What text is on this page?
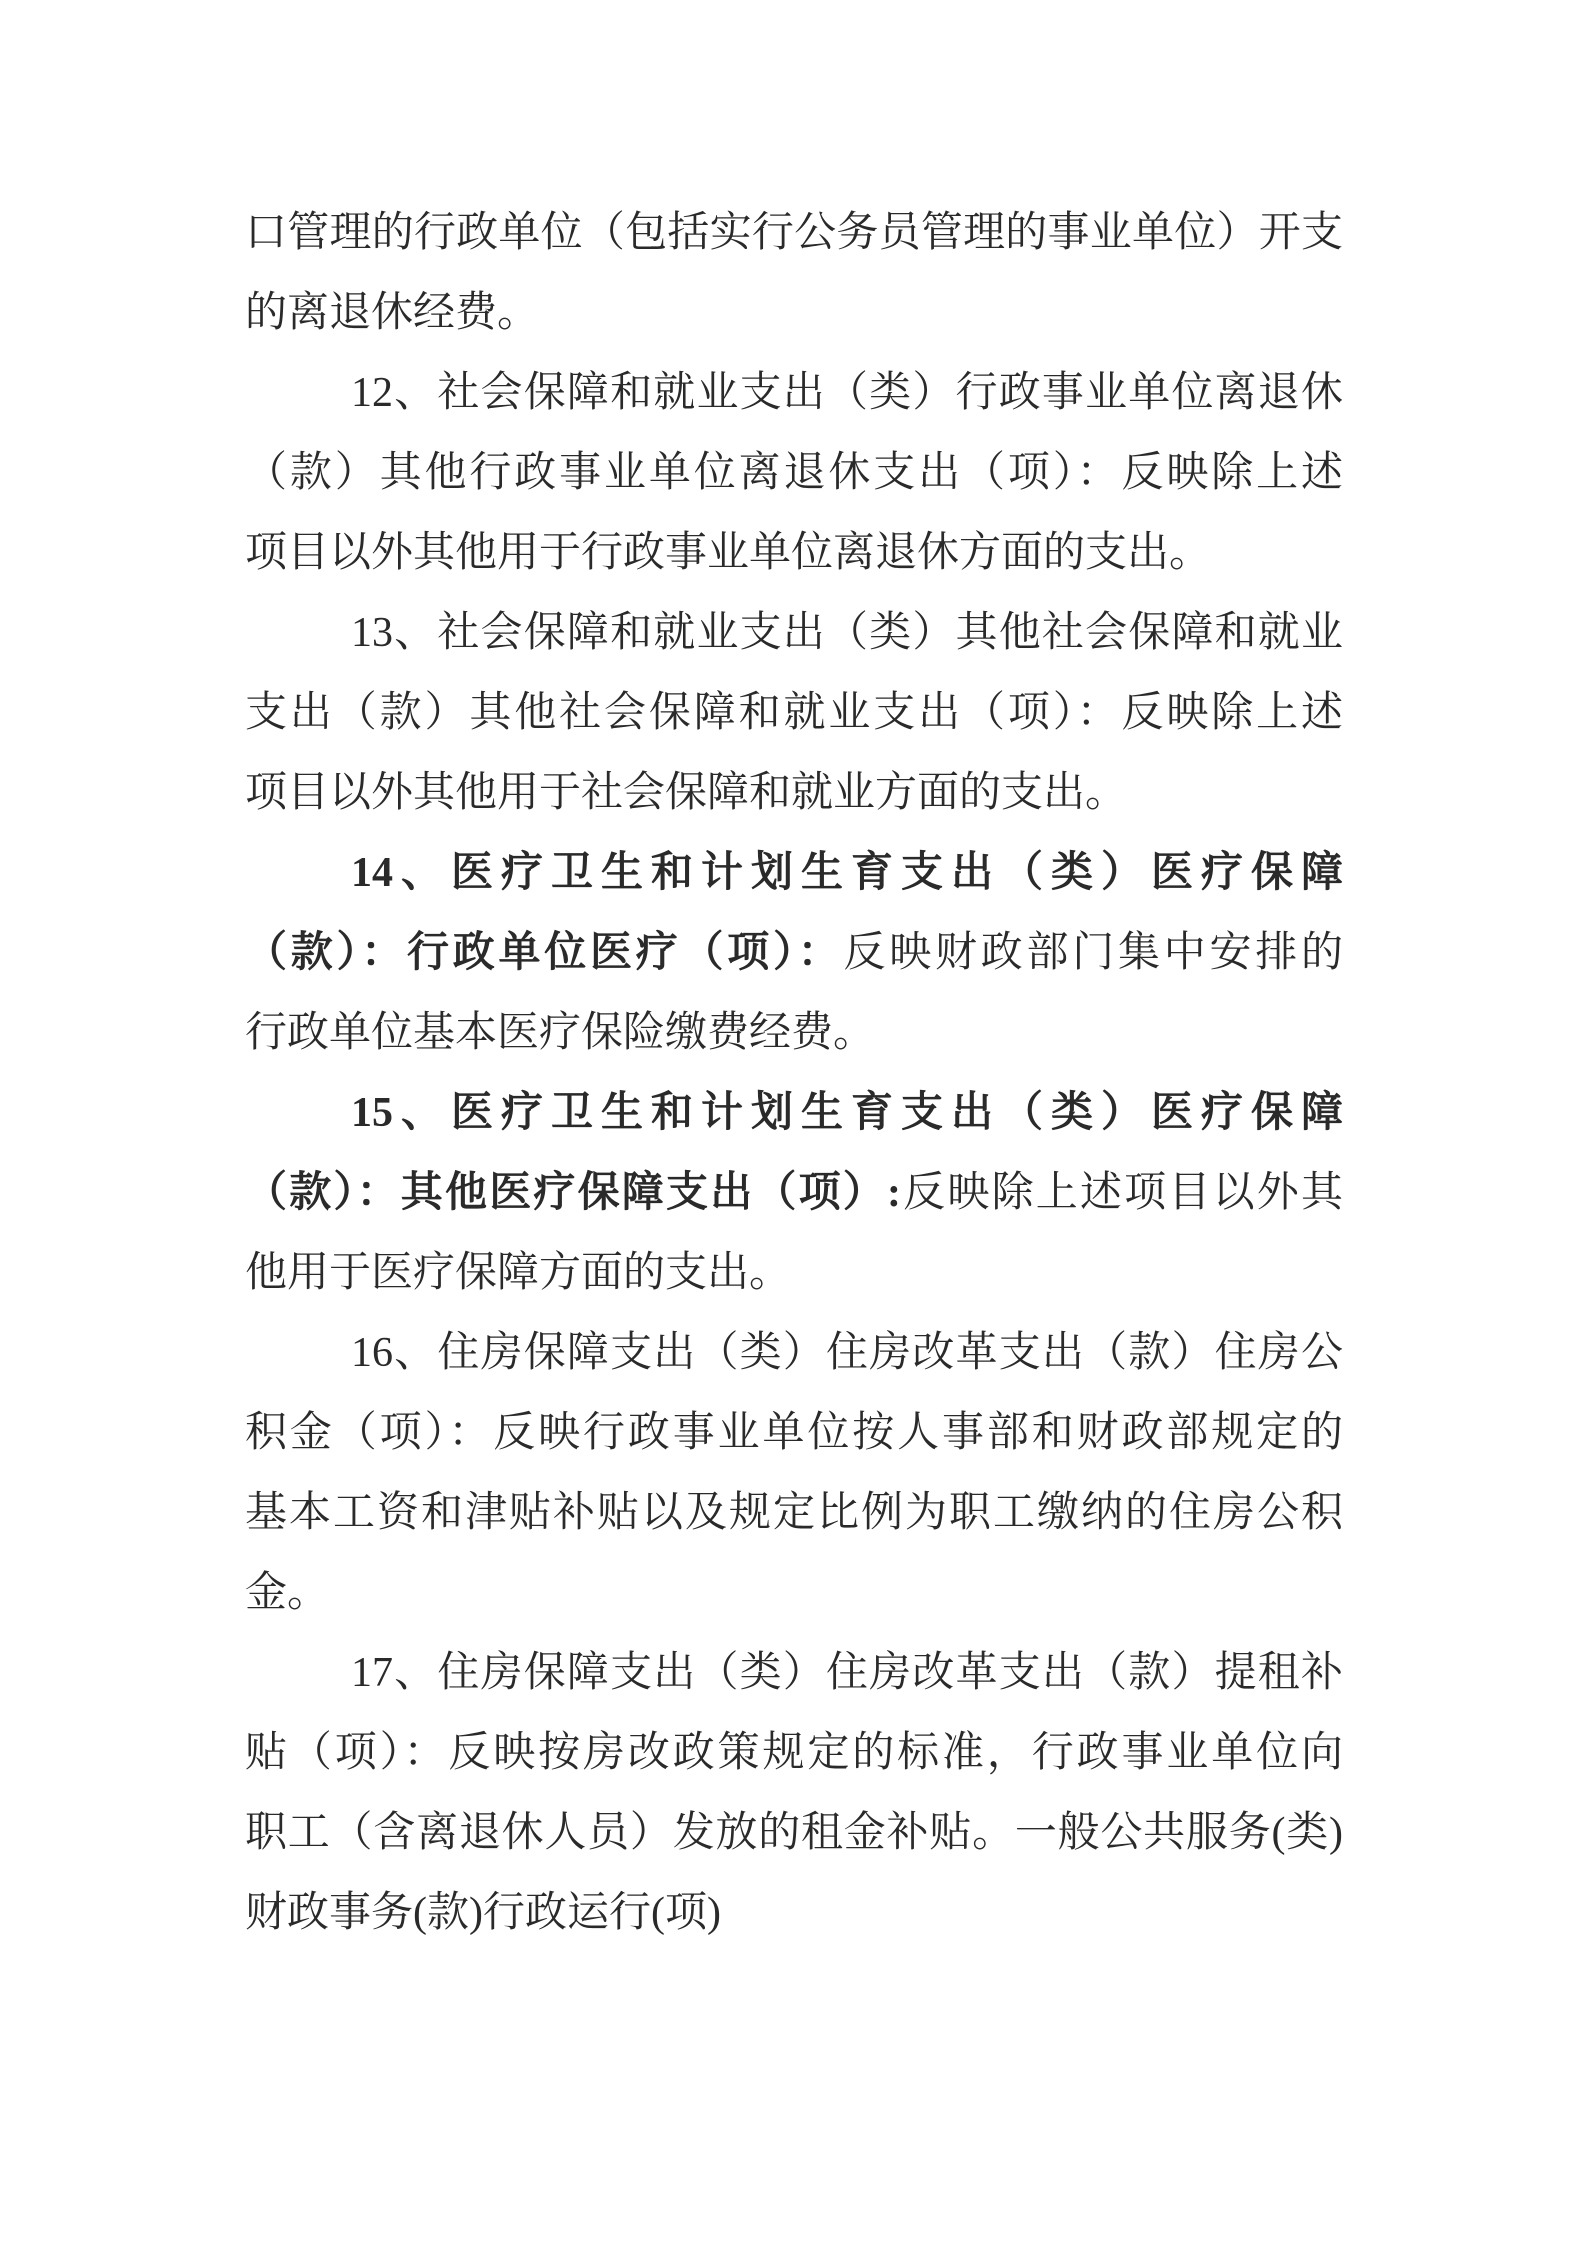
口管理的行政单位（包括实行公务员管理的事业单位）开支
的离退休经费。
12、社会保障和就业支出（类）行政事业单位离退休
（款）其他行政事业单位离退休支出（项）：反映除上述
项目以外其他用于行政事业单位离退休方面的支出。
13、社会保障和就业支出（类）其他社会保障和就业
支出（款）其他社会保障和就业支出（项）：反映除上述
项目以外其他用于社会保障和就业方面的支出。
14、医疗卫生和计划生育支出（类）医疗保障
（款）：行政单位医疗（项）：反映财政部门集中安排的
行政单位基本医疗保险缴费经费。
15、医疗卫生和计划生育支出（类）医疗保障
（款）：其他医疗保障支出（项）:反映除上述项目以外其
他用于医疗保障方面的支出。
16、住房保障支出（类）住房改革支出（款）住房公
积金（项）：反映行政事业单位按人事部和财政部规定的
基本工资和津贴补贴以及规定比例为职工缴纳的住房公积
金。
17、住房保障支出（类）住房改革支出（款）提租补
贴（项）：反映按房改政策规定的标准，行政事业单位向
职工（含离退休人员）发放的租金补贴。一般公共服务(类)
财政事务(款)行政运行(项)
